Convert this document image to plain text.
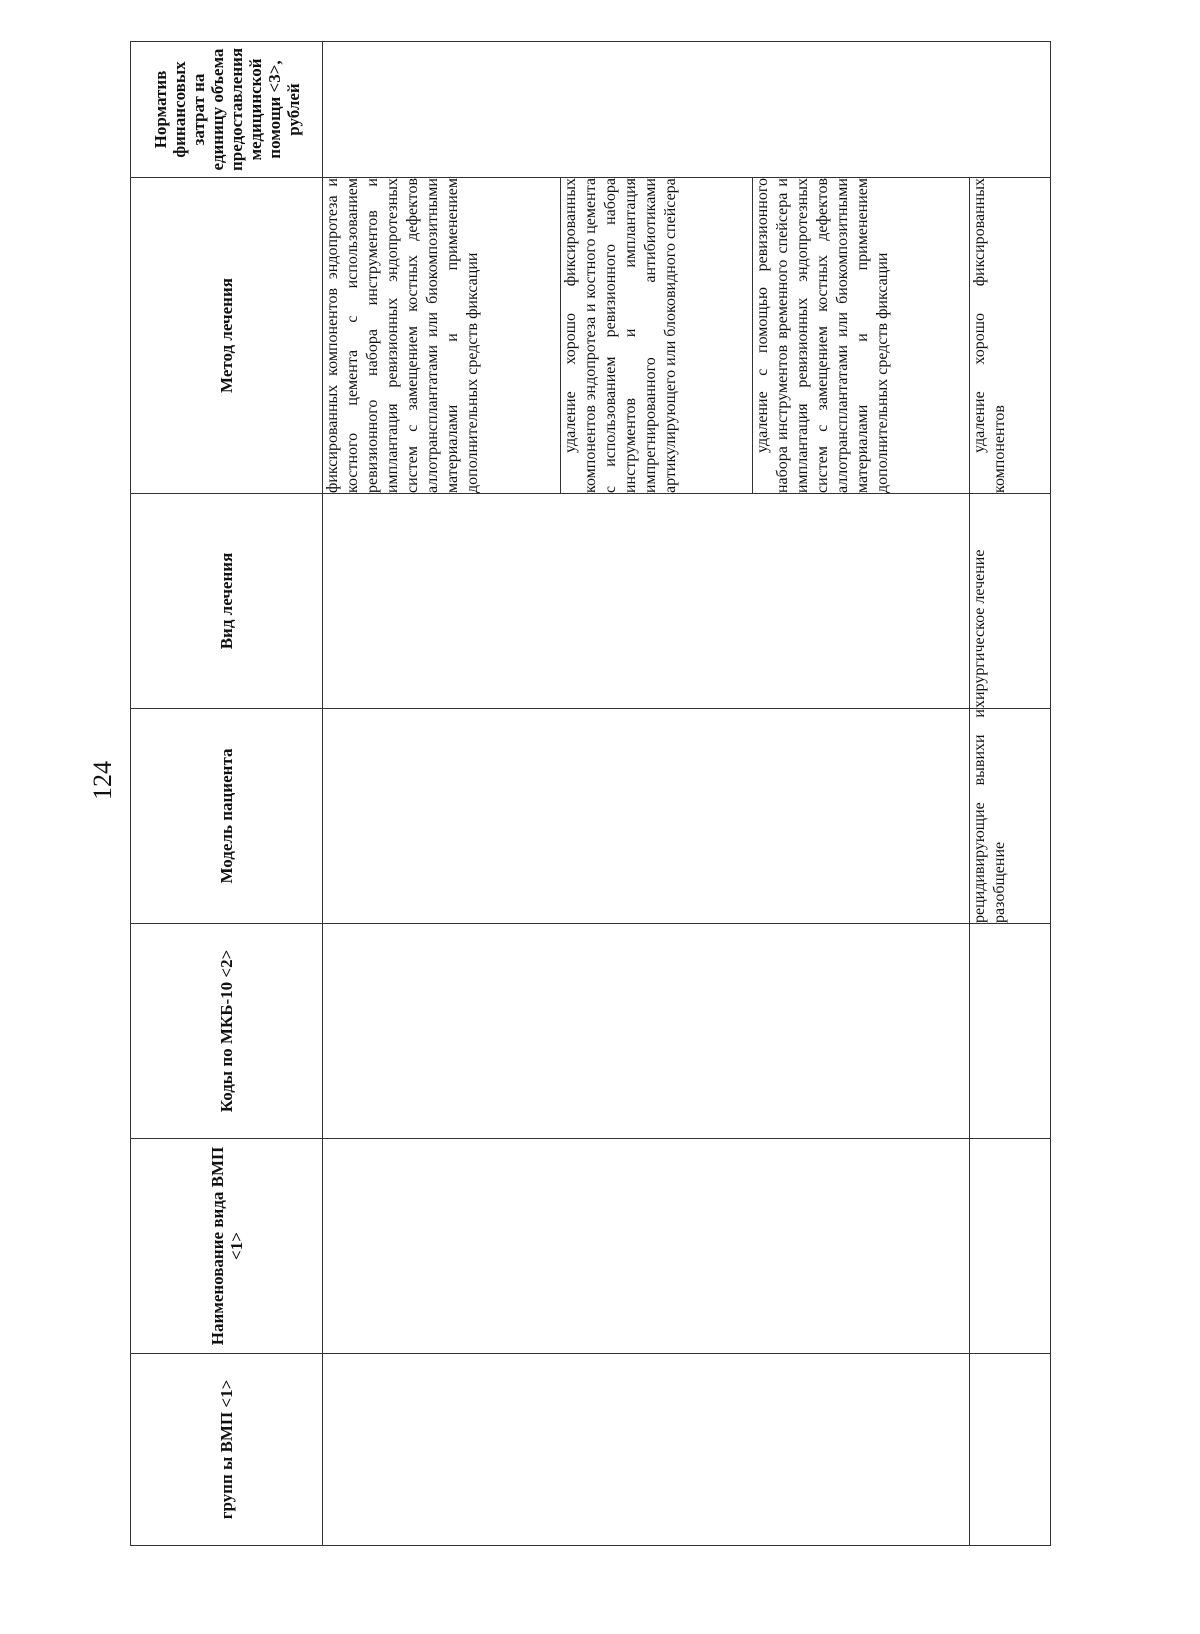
124
групп ы ВМП <1>	Наименование вида ВМП <1>	Коды по МКБ-10 <2>	Модель пациента	Вид лечения	Метод лечения	Норматив финансовых затрат на единицу объема предоставления медицинской помощи <3>, рублей

					фиксированных компонентов эндопротеза и костного цемента с использованием ревизионного набора инструментов и имплантация ревизионных эндопротезных систем с замещением костных дефектов аллотрансплантатами или биокомпозитными материалами и применением дополнительных средств фиксации	

					удаление хорошо фиксированных компонентов эндопротеза и костного цемента с использованием ревизионного набора инструментов и имплантация импрегнированного антибиотиками артикулирующего или блоковидного спейсера	

					удаление с помощью ревизионного набора инструментов временного спейсера и имплантация ревизионных эндопротезных систем с замещением костных дефектов аллотрансплантатами или биокомпозитными материалами и применением дополнительных средств фиксации	

			рецидивирующие вывихи и разобщение	хирургическое лечение	удаление хорошо фиксированных компонентов	
